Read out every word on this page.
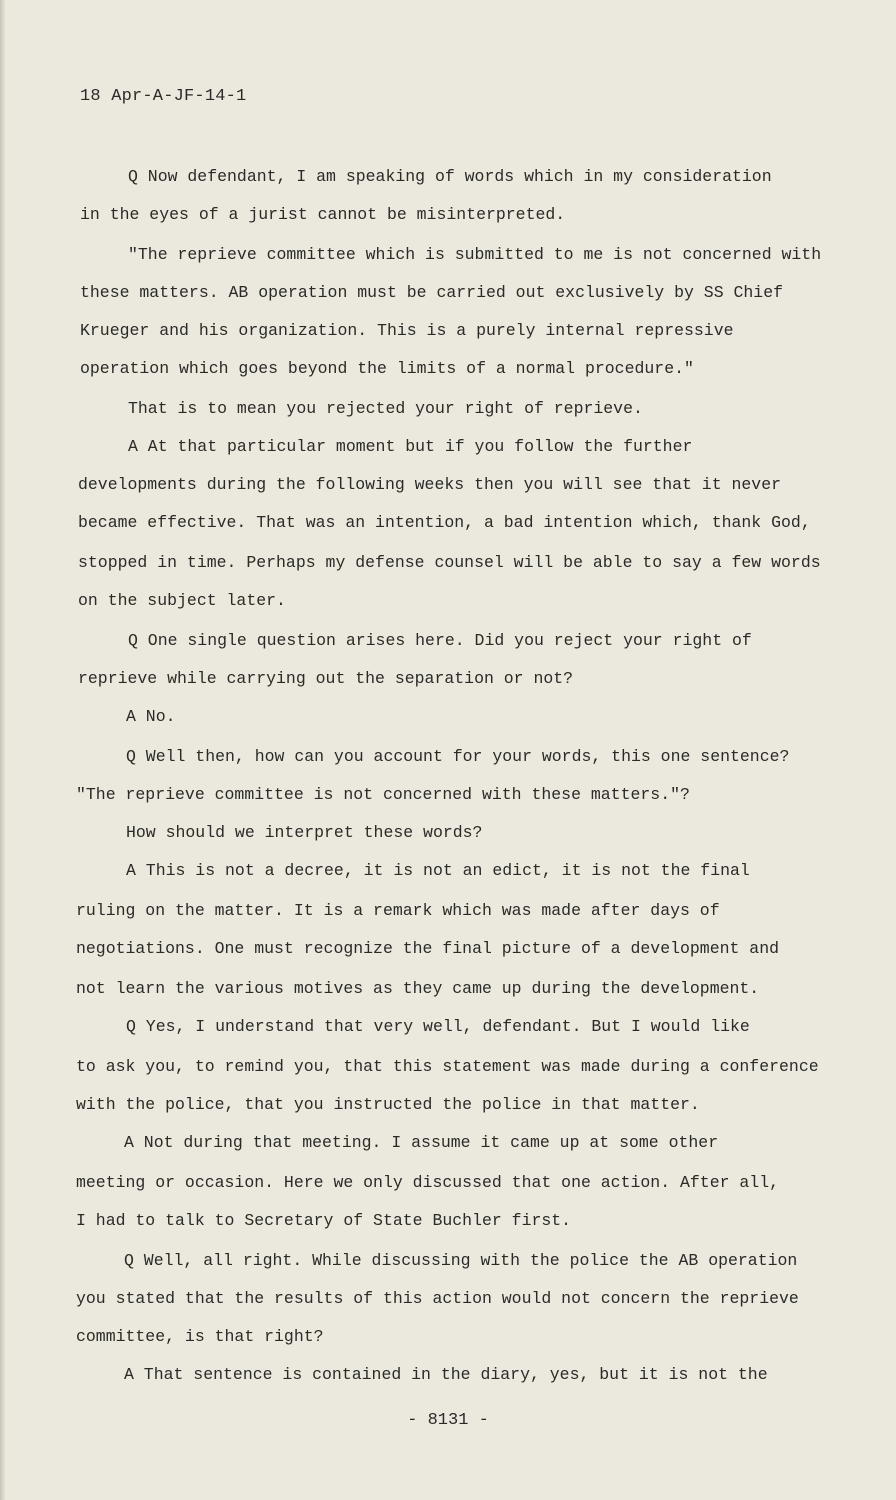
18 Apr-A-JF-14-1
Q Now defendant, I am speaking of words which in my consideration
in the eyes of a jurist cannot be misinterpreted.
"The reprieve committee which is submitted to me is not concerned with
these matters. AB operation must be carried out exclusively by SS Chief
Krueger and his organization. This is a purely internal repressive
operation which goes beyond the limits of a normal procedure."
That is to mean you rejected your right of reprieve.
A At that particular moment but if you follow the further
developments during the following weeks then you will see that it never
became effective. That was an intention, a bad intention which, thank God,
stopped in time. Perhaps my defense counsel will be able to say a few words
on the subject later.
Q One single question arises here. Did you reject your right of
reprieve while carrying out the separation or not?
A No.
Q Well then, how can you account for your words, this one sentence?
"The reprieve committee is not concerned with these matters."?
How should we interpret these words?
A This is not a decree, it is not an edict, it is not the final
ruling on the matter. It is a remark which was made after days of
negotiations. One must recognize the final picture of a development and
not learn the various motives as they came up during the development.
Q Yes, I understand that very well, defendant. But I would like
to ask you, to remind you, that this statement was made during a conference
with the police, that you instructed the police in that matter.
A Not during that meeting. I assume it came up at some other
meeting or occasion. Here we only discussed that one action. After all,
I had to talk to Secretary of State Buchler first.
Q Well, all right. While discussing with the police the AB operation
you stated that the results of this action would not concern the reprieve
committee, is that right?
A That sentence is contained in the diary, yes, but it is not the
- 8131 -
